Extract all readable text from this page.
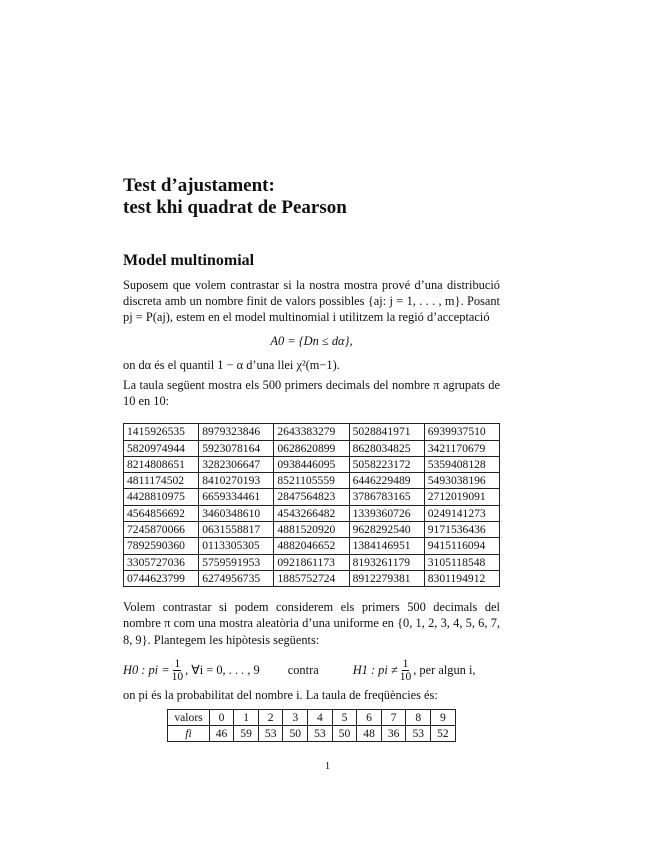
Test d’ajustament:
test khi quadrat de Pearson
Model multinomial

Suposem que volem contrastar si la nostra mostra prové d’una distribució discreta amb un nombre finit de valors possibles {aj: j = 1, . . . , m}. Posant pj = P(aj), estem en el model multinomial i utilitzem la regió d’acceptació

A0 = {Dn ≤ dα},

on dα és el quantil 1 − α d’una llei χ²(m−1).

La taula següent mostra els 500 primers decimals del nombre π agrupats de 10 en 10:

1415926535	8979323846	2643383279	5028841971	6939937510
5820974944	5923078164	0628620899	8628034825	3421170679
8214808651	3282306647	0938446095	5058223172	5359408128
4811174502	8410270193	8521105559	6446229489	5493038196
4428810975	6659334461	2847564823	3786783165	2712019091
4564856692	3460348610	4543266482	1339360726	0249141273
7245870066	0631558817	4881520920	9628292540	9171536436
7892590360	0113305305	4882046652	1384146951	9415116094
3305727036	5759591953	0921861173	8193261179	3105118548
0744623799	6274956735	1885752724	8912279381	8301194912

Volem contrastar si podem considerem els primers 500 decimals del nombre π com una mostra aleatòria d’una uniforme en {0, 1, 2, 3, 4, 5, 6, 7, 8, 9}. Plantegem les hipòtesis següents:

H0 : pi = $\frac{1}{10}$ , ∀i = 0, . . . , 9 contra	H1 : pi ≠ $\frac{1}{10}$ , per algun i,

on pi és la probabilitat del nombre i. La taula de freqüències és:

valors	0	1	2	3	4	5	6	7	8	9
fi	46	59	53	50	53	50	48	36	53	52
1
